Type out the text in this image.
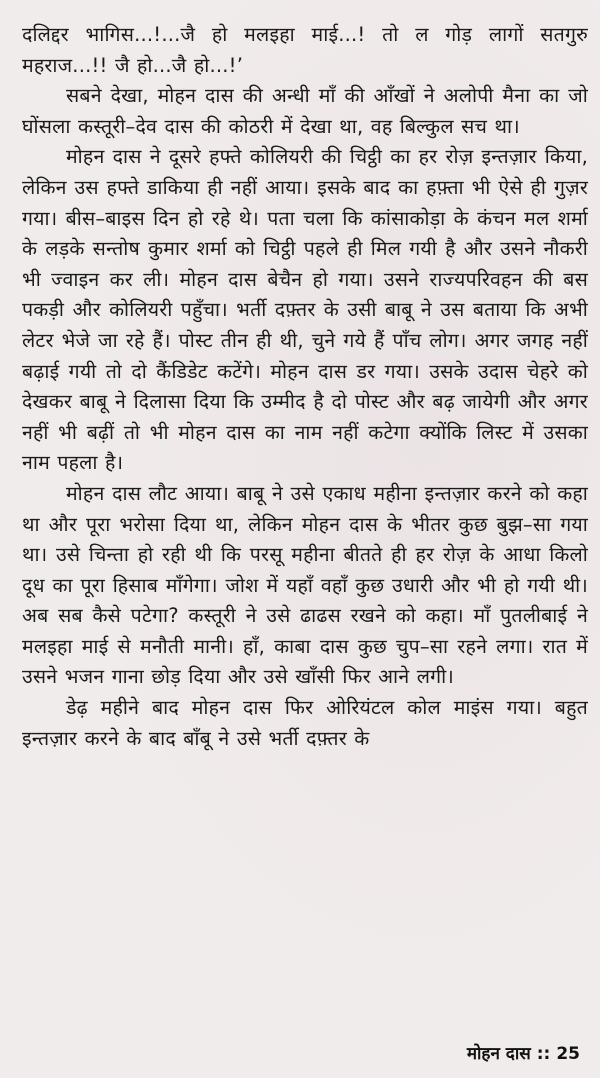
दलिद्दर भागिस...!...जै हो मलइहा माई...! तो ल गोड़ लागों सतगुरु महराज...!! जै हो...जै हो...!’

सबने देखा, मोहन दास की अन्धी माँ की आँखों ने अलोपी मैना का जो घोंसला कस्तूरी–देव दास की कोठरी में देखा था, वह बिल्कुल सच था।

मोहन दास ने दूसरे हफ्ते कोलियरी की चिट्ठी का हर रोज़ इन्तज़ार किया, लेकिन उस हफ्ते डाकिया ही नहीं आया। इसके बाद का हफ़्ता भी ऐसे ही गुज़र गया। बीस–बाइस दिन हो रहे थे। पता चला कि कांसाकोड़ा के कंचन मल शर्मा के लड़के सन्तोष कुमार शर्मा को चिट्ठी पहले ही मिल गयी है और उसने नौकरी भी ज्वाइन कर ली। मोहन दास बेचैन हो गया। उसने राज्यपरिवहन की बस पकड़ी और कोलियरी पहुँचा। भर्ती दफ़्तर के उसी बाबू ने उस बताया कि अभी लेटर भेजे जा रहे हैं। पोस्ट तीन ही थी, चुने गये हैं पाँच लोग। अगर जगह नहीं बढ़ाई गयी तो दो कैंडिडेट कटेंगे। मोहन दास डर गया। उसके उदास चेहरे को देखकर बाबू ने दिलासा दिया कि उम्मीद है दो पोस्ट और बढ़ जायेगी और अगर नहीं भी बढ़ीं तो भी मोहन दास का नाम नहीं कटेगा क्योंकि लिस्ट में उसका नाम पहला है।

मोहन दास लौट आया। बाबू ने उसे एकाध महीना इन्तज़ार करने को कहा था और पूरा भरोसा दिया था, लेकिन मोहन दास के भीतर कुछ बुझ–सा गया था। उसे चिन्ता हो रही थी कि परसू महीना बीतते ही हर रोज़ के आधा किलो दूध का पूरा हिसाब माँगेगा। जोश में यहाँ वहाँ कुछ उधारी और भी हो गयी थी। अब सब कैसे पटेगा? कस्तूरी ने उसे ढाढस रखने को कहा। माँ पुतलीबाई ने मलइहा माई से मनौती मानी। हाँ, काबा दास कुछ चुप–सा रहने लगा। रात में उसने भजन गाना छोड़ दिया और उसे खाँसी फिर आने लगी।

डेढ़ महीने बाद मोहन दास फिर ओरियंटल कोल माइंस गया। बहुत इन्तज़ार करने के बाद बाँबू ने उसे भर्ती दफ़्तर के

मोहन दास :: 25
